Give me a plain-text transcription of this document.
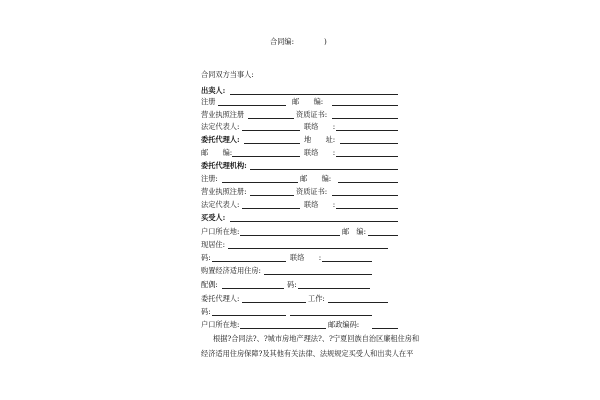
合同编:	)
合同双方当事人:
出卖人:
注册	邮　　编:
营业执照注册	资质证书:
法定代表人:	联络　　:
委托代理人:	地　　址:
邮　　编:	联络　　:
委托代理机构:
注册:	邮　　编:
营业执照注册:	资质证书:
法定代表人:	联络　　:
买受人:
户口所在地:	邮　编:
现居住:
码:	联络　　:
购置经济适用住房:
配偶:	码:
委托代理人:	工作:
码:
户口所在地:	邮政编码:
根据?合同法?、?城市房地产理法?、?宁夏回族自治区廉租住房和
经济适用住房保障?及其他有关法律、法规规定买受人和出卖人在平
